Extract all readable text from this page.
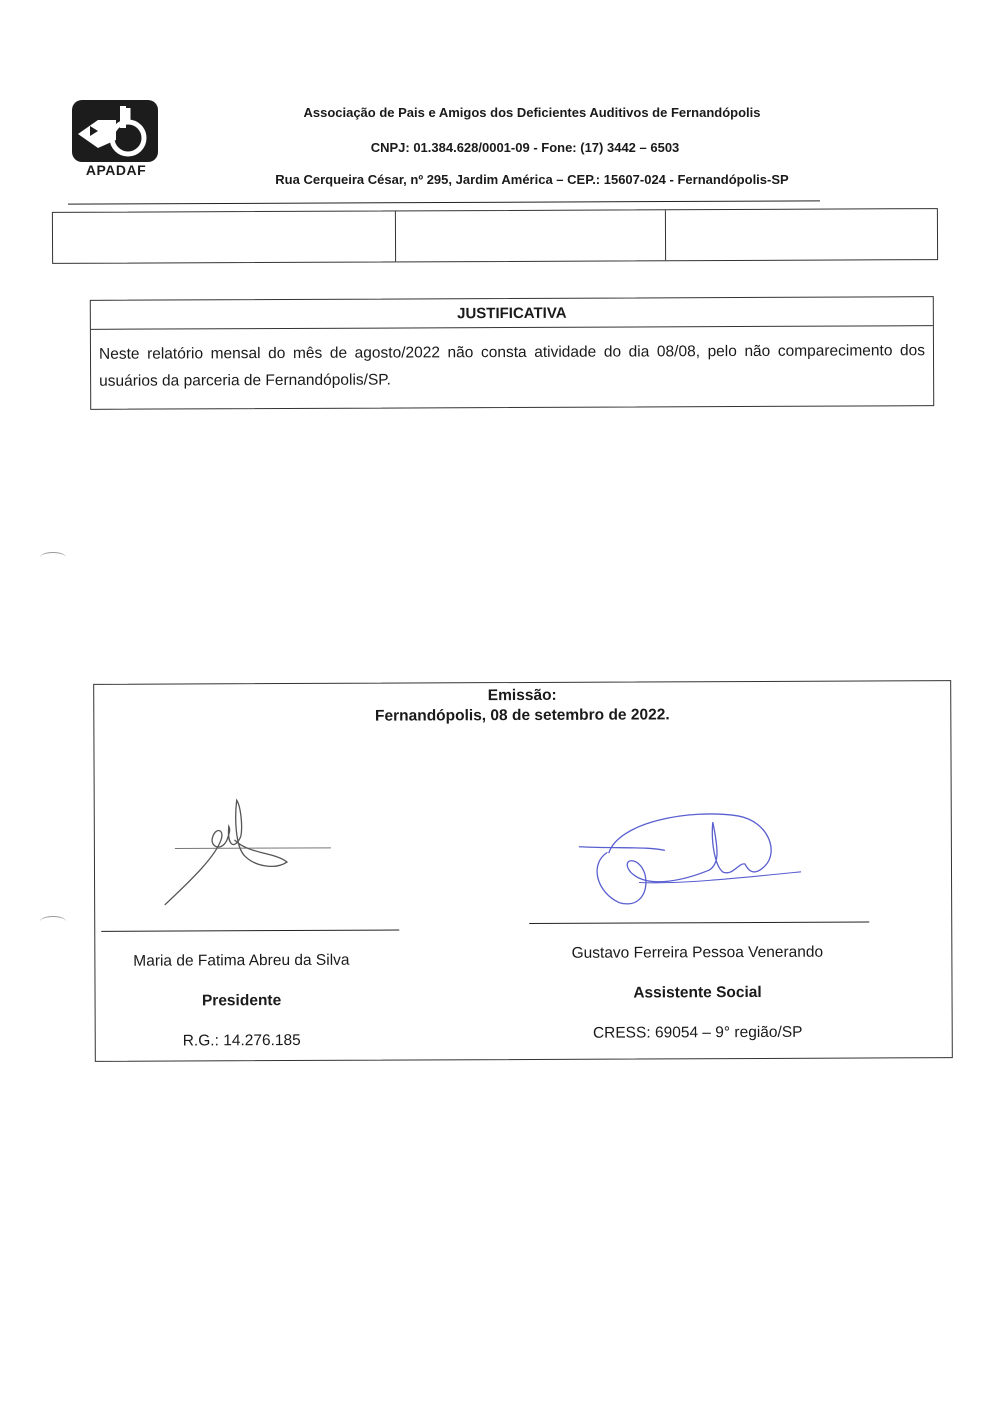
APADAF
Associação de Pais e Amigos dos Deficientes Auditivos de Fernandópolis
CNPJ: 01.384.628/0001-09 - Fone: (17) 3442 – 6503
Rua Cerqueira César, nº 295, Jardim América – CEP.: 15607-024 - Fernandópolis-SP
JUSTIFICATIVA
Neste relatório mensal do mês de agosto/2022 não consta atividade do dia 08/08, pelo não comparecimento dos usuários da parceria de Fernandópolis/SP.
Emissão:
Fernandópolis, 08 de setembro de 2022.
Maria de Fatima Abreu da Silva
Presidente
R.G.: 14.276.185
Gustavo Ferreira Pessoa Venerando
Assistente Social
CRESS: 69054 – 9° região/SP
